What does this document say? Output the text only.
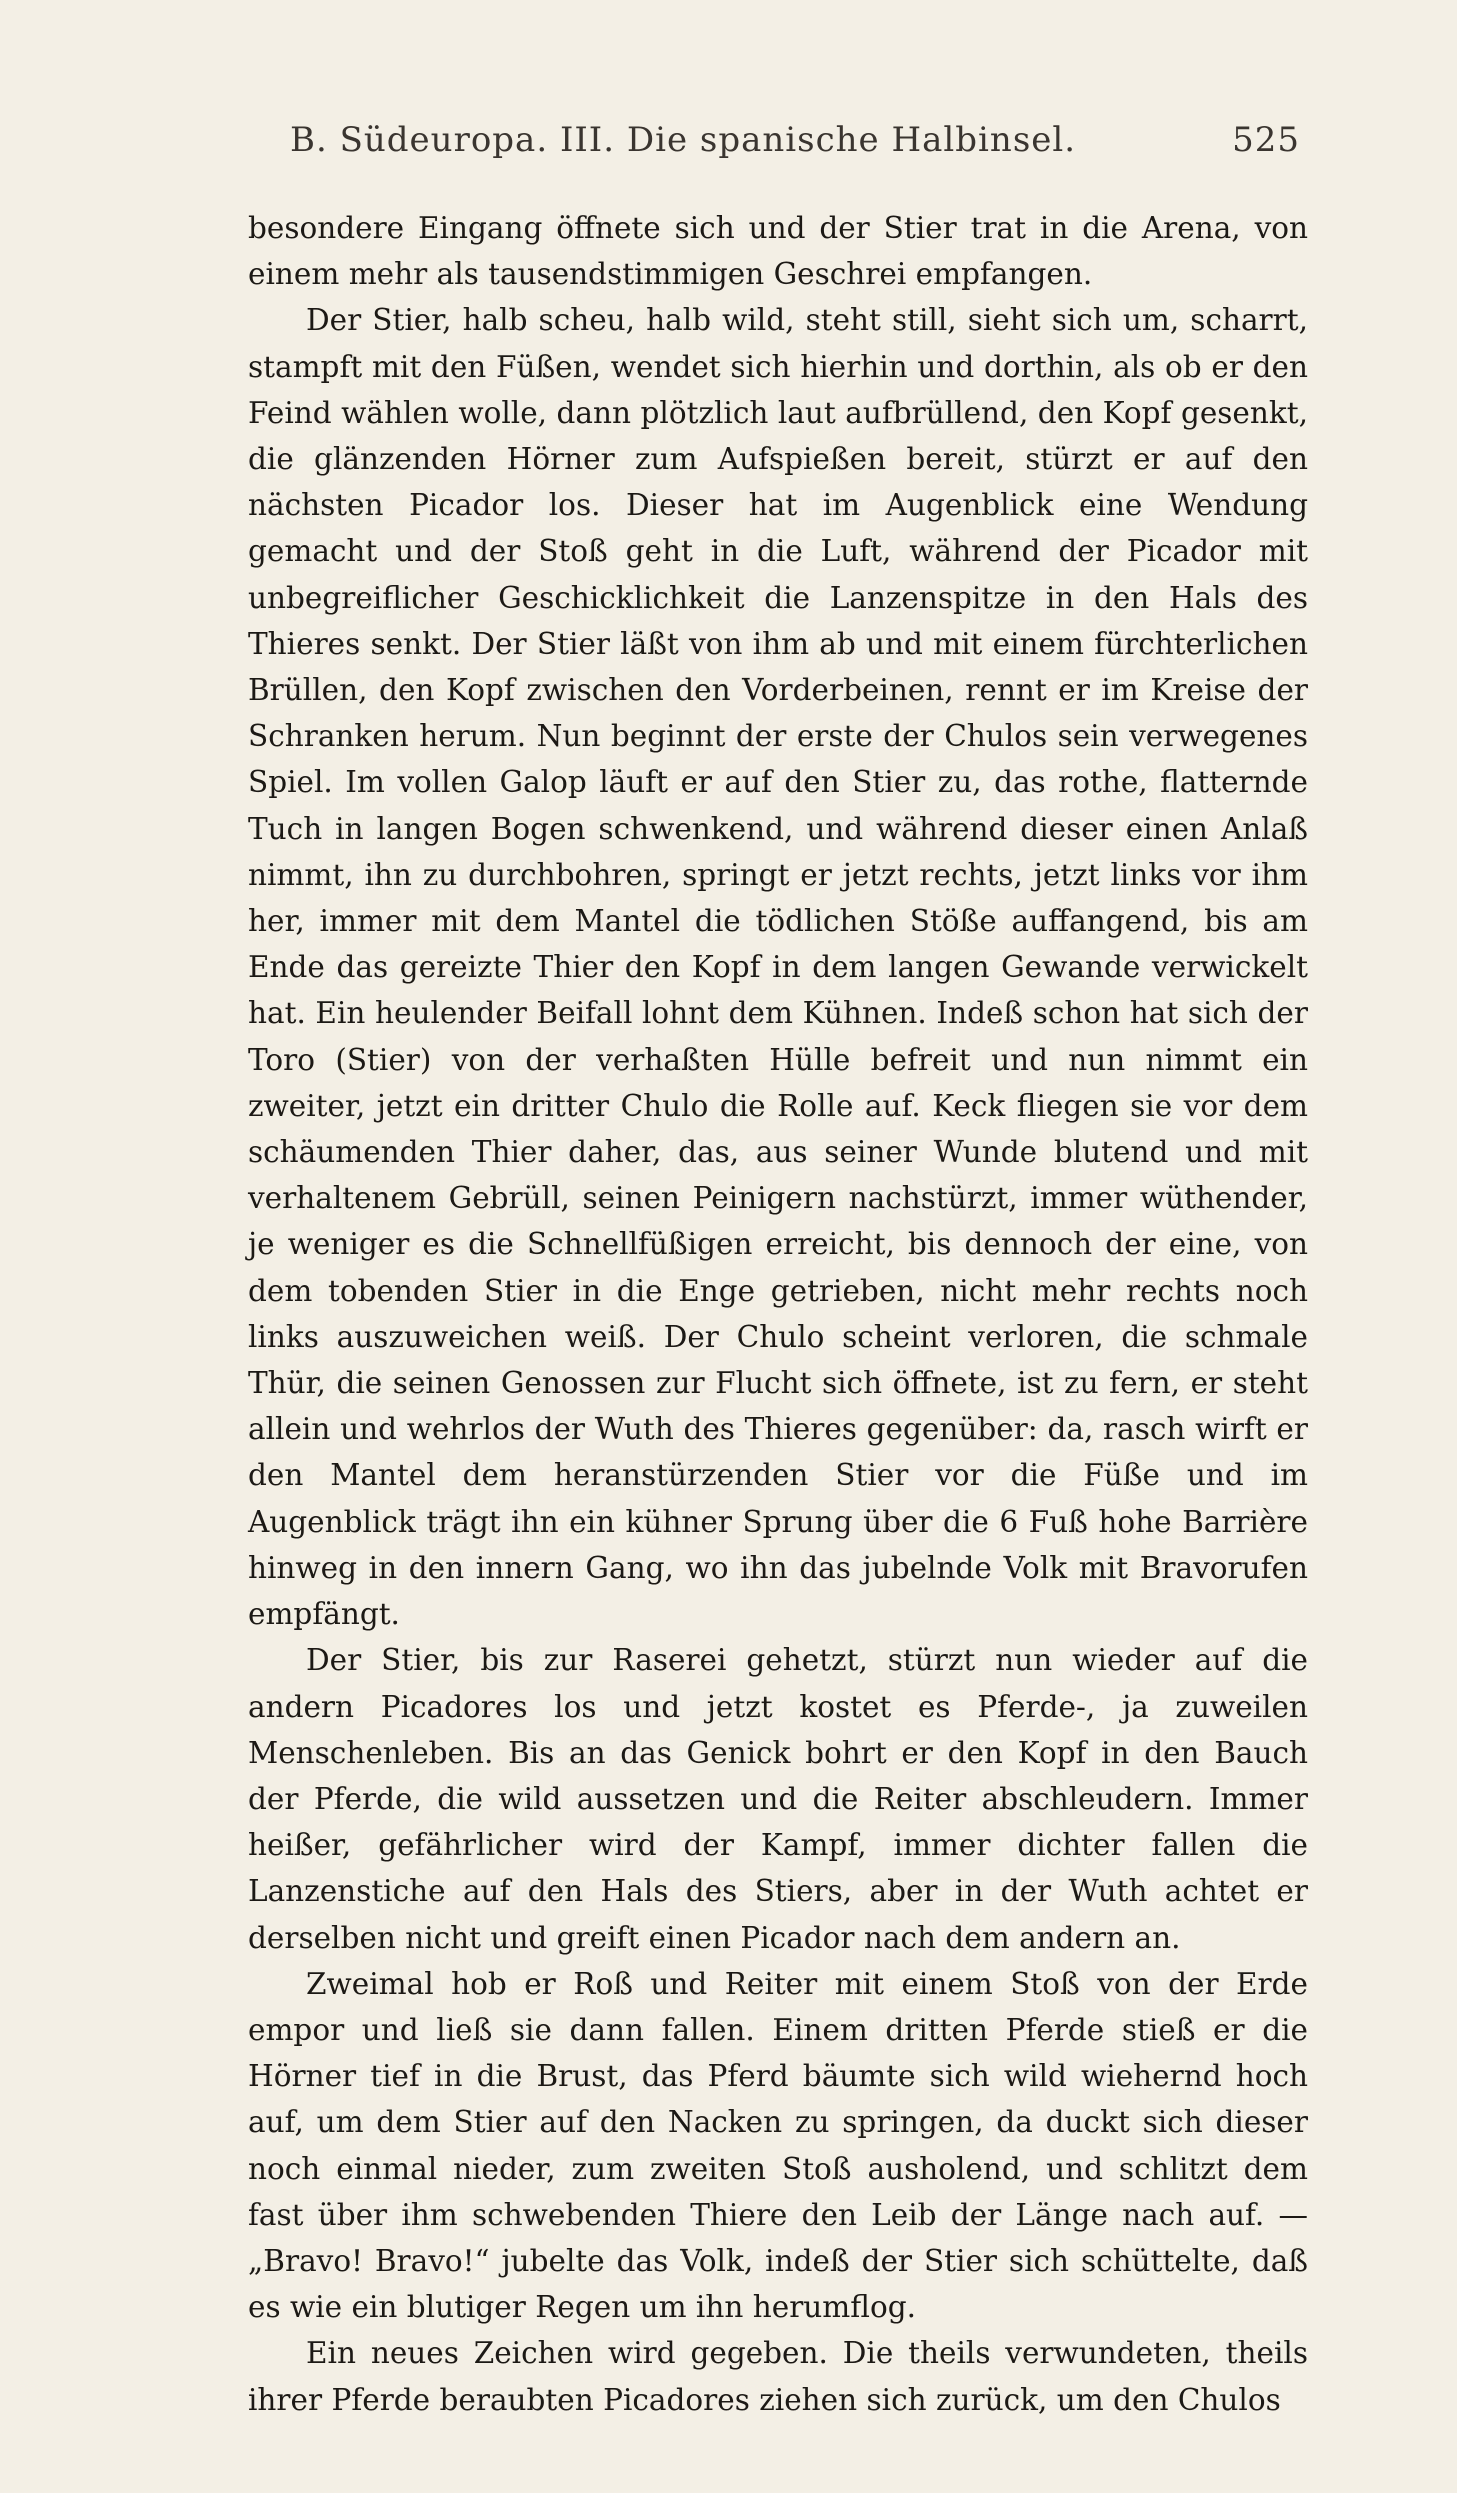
B. Südeuropa. III. Die spanische Halbinsel.	525

besondere Eingang öffnete sich und der Stier trat in die Arena, von einem mehr als tausendstimmigen Geschrei empfangen.

Der Stier, halb scheu, halb wild, steht still, sieht sich um, scharrt, stampft mit den Füßen, wendet sich hierhin und dorthin, als ob er den Feind wählen wolle, dann plötzlich laut aufbrüllend, den Kopf gesenkt, die glänzenden Hörner zum Aufspießen bereit, stürzt er auf den nächsten Picador los. Dieser hat im Augenblick eine Wendung gemacht und der Stoß geht in die Luft, während der Picador mit unbegreiflicher Geschicklichkeit die Lanzenspitze in den Hals des Thieres senkt. Der Stier läßt von ihm ab und mit einem fürchterlichen Brüllen, den Kopf zwischen den Vorderbeinen, rennt er im Kreise der Schranken herum. Nun beginnt der erste der Chulos sein verwegenes Spiel. Im vollen Galop läuft er auf den Stier zu, das rothe, flatternde Tuch in langen Bogen schwenkend, und während dieser einen Anlaß nimmt, ihn zu durchbohren, springt er jetzt rechts, jetzt links vor ihm her, immer mit dem Mantel die tödlichen Stöße auffangend, bis am Ende das gereizte Thier den Kopf in dem langen Gewande verwickelt hat. Ein heulender Beifall lohnt dem Kühnen. Indeß schon hat sich der Toro (Stier) von der verhaßten Hülle befreit und nun nimmt ein zweiter, jetzt ein dritter Chulo die Rolle auf. Keck fliegen sie vor dem schäumenden Thier daher, das, aus seiner Wunde blutend und mit verhaltenem Gebrüll, seinen Peinigern nachstürzt, immer wüthender, je weniger es die Schnellfüßigen erreicht, bis dennoch der eine, von dem tobenden Stier in die Enge getrieben, nicht mehr rechts noch links auszuweichen weiß. Der Chulo scheint verloren, die schmale Thür, die seinen Genossen zur Flucht sich öffnete, ist zu fern, er steht allein und wehrlos der Wuth des Thieres gegenüber: da, rasch wirft er den Mantel dem heranstürzenden Stier vor die Füße und im Augenblick trägt ihn ein kühner Sprung über die 6 Fuß hohe Barrière hinweg in den innern Gang, wo ihn das jubelnde Volk mit Bravorufen empfängt.

Der Stier, bis zur Raserei gehetzt, stürzt nun wieder auf die andern Picadores los und jetzt kostet es Pferde-, ja zuweilen Menschenleben. Bis an das Genick bohrt er den Kopf in den Bauch der Pferde, die wild aussetzen und die Reiter abschleudern. Immer heißer, gefährlicher wird der Kampf, immer dichter fallen die Lanzenstiche auf den Hals des Stiers, aber in der Wuth achtet er derselben nicht und greift einen Picador nach dem andern an.

Zweimal hob er Roß und Reiter mit einem Stoß von der Erde empor und ließ sie dann fallen. Einem dritten Pferde stieß er die Hörner tief in die Brust, das Pferd bäumte sich wild wiehernd hoch auf, um dem Stier auf den Nacken zu springen, da duckt sich dieser noch einmal nieder, zum zweiten Stoß ausholend, und schlitzt dem fast über ihm schwebenden Thiere den Leib der Länge nach auf. — „Bravo! Bravo!“ jubelte das Volk, indeß der Stier sich schüttelte, daß es wie ein blutiger Regen um ihn herumflog.

Ein neues Zeichen wird gegeben. Die theils verwundeten, theils ihrer Pferde beraubten Picadores ziehen sich zurück, um den Chulos
